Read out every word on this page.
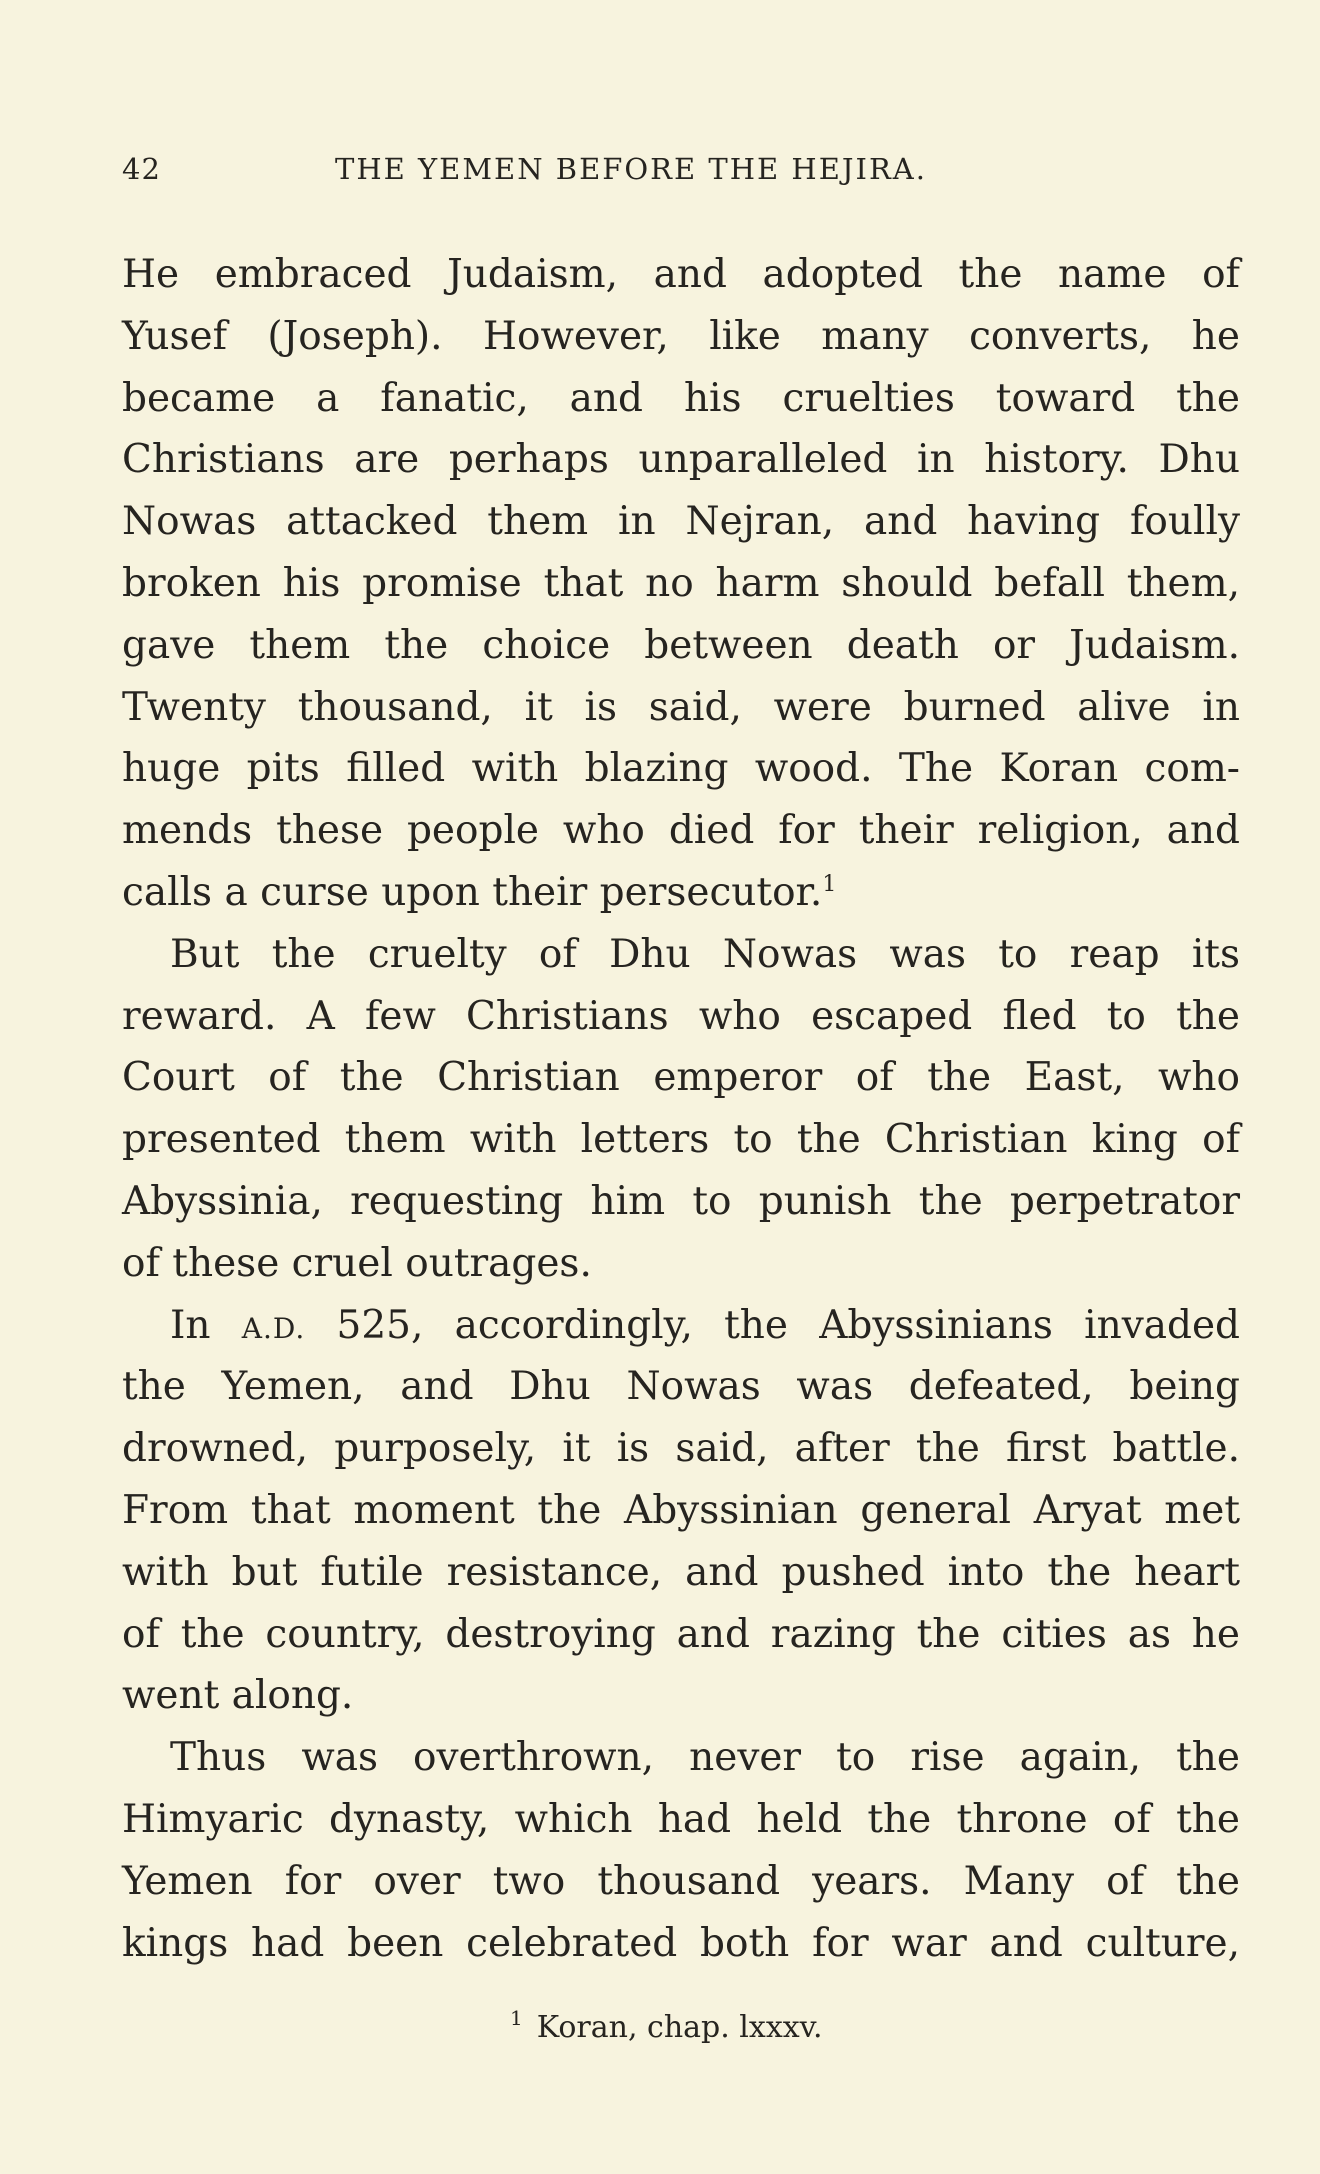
42	THE YEMEN BEFORE THE HEJIRA.
He embraced Judaism, and adopted the name of
Yusef (Joseph). However, like many converts, he
became a fanatic, and his cruelties toward the
Christians are perhaps unparalleled in history. Dhu
Nowas attacked them in Nejran, and having foully
broken his promise that no harm should befall them,
gave them the choice between death or Judaism.
Twenty thousand, it is said, were burned alive in
huge pits filled with blazing wood. The Koran com-
mends these people who died for their religion, and
calls a curse upon their persecutor.$^1$
But the cruelty of Dhu Nowas was to reap its
reward. A few Christians who escaped fled to the
Court of the Christian emperor of the East, who
presented them with letters to the Christian king of
Abyssinia, requesting him to punish the perpetrator
of these cruel outrages.
In A.D. 525, accordingly, the Abyssinians invaded
the Yemen, and Dhu Nowas was defeated, being
drowned, purposely, it is said, after the first battle.
From that moment the Abyssinian general Aryat met
with but futile resistance, and pushed into the heart
of the country, destroying and razing the cities as he
went along.
Thus was overthrown, never to rise again, the
Himyaric dynasty, which had held the throne of the
Yemen for over two thousand years. Many of the
kings had been celebrated both for war and culture,
$^1$ Koran, chap. lxxxv.
